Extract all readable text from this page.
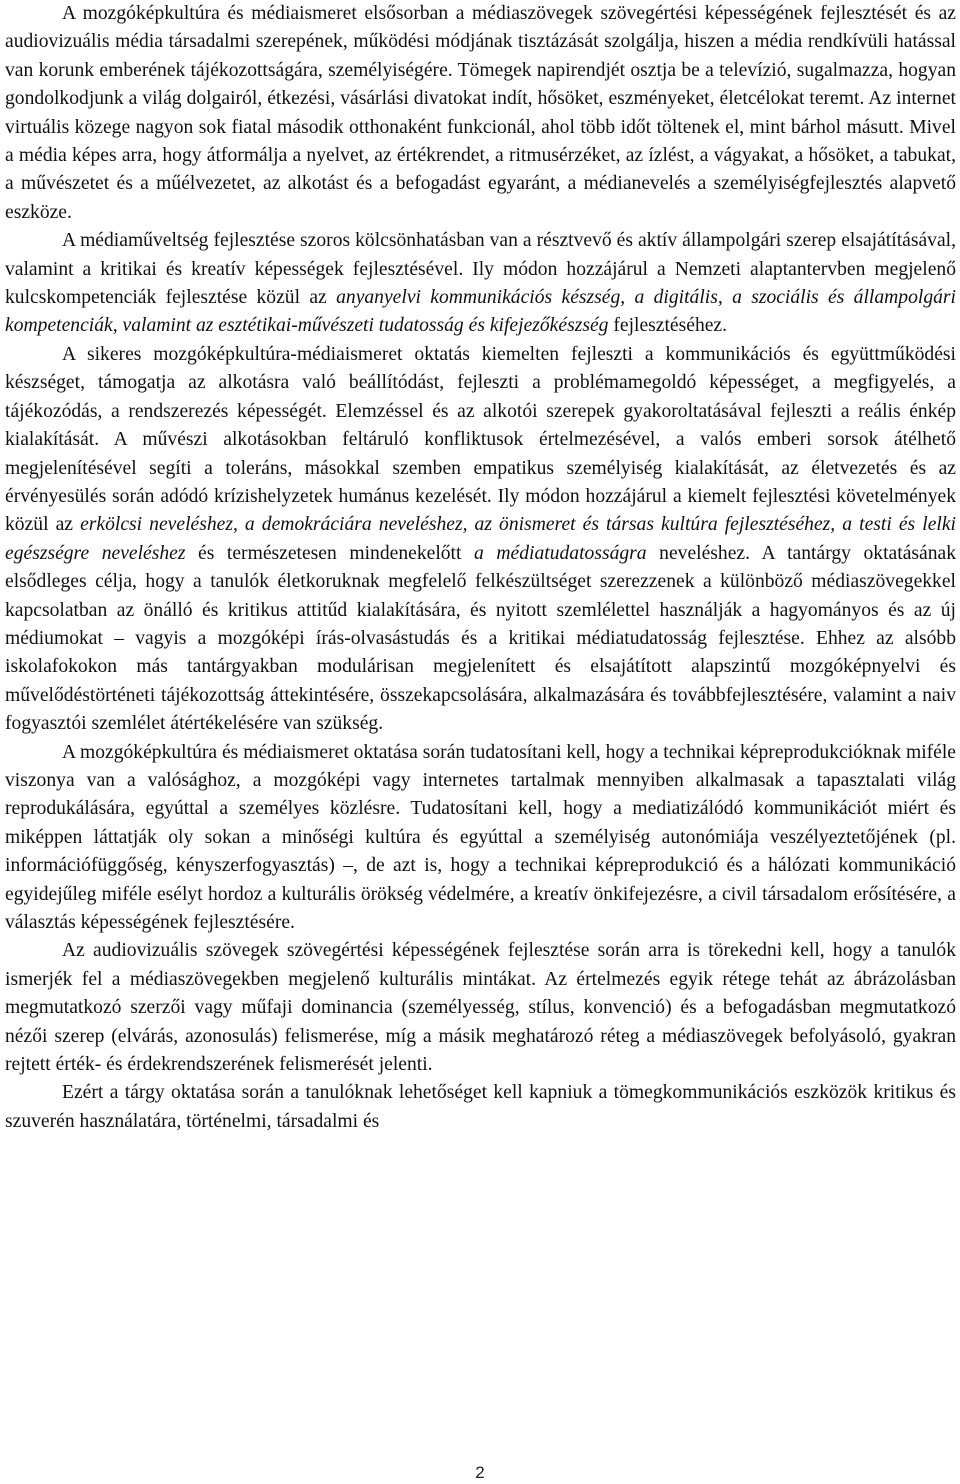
A mozgóképkultúra és médiaismeret elsősorban a médiaszövegek szövegértési képességének fejlesztését és az audiovizuális média társadalmi szerepének, működési módjának tisztázását szolgálja, hiszen a média rendkívüli hatással van korunk emberének tájékozottságára, személyiségére. Tömegek napirendjét osztja be a televízió, sugalmazza, hogyan gondolkodjunk a világ dolgairól, étkezési, vásárlási divatokat indít, hősöket, eszményeket, életcélokat teremt. Az internet virtuális közege nagyon sok fiatal második otthonaként funkcionál, ahol több időt töltenek el, mint bárhol másutt. Mivel a média képes arra, hogy átformálja a nyelvet, az értékrendet, a ritmusérzéket, az ízlést, a vágyakat, a hősöket, a tabukat, a művészetet és a műélvezetet, az alkotást és a befogadást egyaránt, a médianevelés a személyiségfejlesztés alapvető eszköze.

A médiaműveltség fejlesztése szoros kölcsönhatásban van a résztvevő és aktív állampolgári szerep elsajátításával, valamint a kritikai és kreatív képességek fejlesztésével. Ily módon hozzájárul a Nemzeti alaptantervben megjelenő kulcskompetenciák fejlesztése közül az anyanyelvi kommunikációs készség, a digitális, a szociális és állampolgári kompetenciák, valamint az esztétikai-művészeti tudatosság és kifejezőkészség fejlesztéséhez.

A sikeres mozgóképkultúra-médiaismeret oktatás kiemelten fejleszti a kommunikációs és együttműködési készséget, támogatja az alkotásra való beállítódást, fejleszti a problémamegoldó képességet, a megfigyelés, a tájékozódás, a rendszerezés képességét. Elemzéssel és az alkotói szerepek gyakoroltatásával fejleszti a reális énkép kialakítását. A művészi alkotásokban feltáruló konfliktusok értelmezésével, a valós emberi sorsok átélhető megjelenítésével segíti a toleráns, másokkal szemben empatikus személyiség kialakítását, az életvezetés és az érvényesülés során adódó krízishelyzetek humánus kezelését. Ily módon hozzájárul a kiemelt fejlesztési követelmények közül az erkölcsi neveléshez, a demokráciára neveléshez, az önismeret és társas kultúra fejlesztéséhez, a testi és lelki egészségre neveléshez és természetesen mindenekelőtt a médiatudatosságra neveléshez. A tantárgy oktatásának elsődleges célja, hogy a tanulók életkoruknak megfelelő felkészültséget szerezzenek a különböző médiaszövegekkel kapcsolatban az önálló és kritikus attitűd kialakítására, és nyitott szemlélettel használják a hagyományos és az új médiumokat – vagyis a mozgóképi írás-olvasástudás és a kritikai médiatudatosság fejlesztése. Ehhez az alsóbb iskolafokokon más tantárgyakban modulárisan megjelenített és elsajátított alapszintű mozgóképnyelvi és művelődéstörténeti tájékozottság áttekintésére, összekapcsolására, alkalmazására és továbbfejlesztésére, valamint a naiv fogyasztói szemlélet átértékelésére van szükség.

A mozgóképkultúra és médiaismeret oktatása során tudatosítani kell, hogy a technikai képreprodukcióknak miféle viszonya van a valósághoz, a mozgóképi vagy internetes tartalmak mennyiben alkalmasak a tapasztalati világ reprodukálására, egyúttal a személyes közlésre. Tudatosítani kell, hogy a mediatizálódó kommunikációt miért és miképpen láttatják oly sokan a minőségi kultúra és egyúttal a személyiség autonómiája veszélyeztetőjének (pl. információfüggőség, kényszerfogyasztás) –, de azt is, hogy a technikai képreprodukció és a hálózati kommunikáció egyidejűleg miféle esélyt hordoz a kulturális örökség védelmére, a kreatív önkifejezésre, a civil társadalom erősítésére, a választás képességének fejlesztésére.

Az audiovizuális szövegek szövegértési képességének fejlesztése során arra is törekedni kell, hogy a tanulók ismerjék fel a médiaszövegekben megjelenő kulturális mintákat. Az értelmezés egyik rétege tehát az ábrázolásban megmutatkozó szerzői vagy műfaji dominancia (személyesség, stílus, konvenció) és a befogadásban megmutatkozó nézői szerep (elvárás, azonosulás) felismerése, míg a másik meghatározó réteg a médiaszövegek befolyásoló, gyakran rejtett érték- és érdekrendszerének felismerését jelenti.

Ezért a tárgy oktatása során a tanulóknak lehetőséget kell kapniuk a tömegkommunikációs eszközök kritikus és szuverén használatára, történelmi, társadalmi és

2
